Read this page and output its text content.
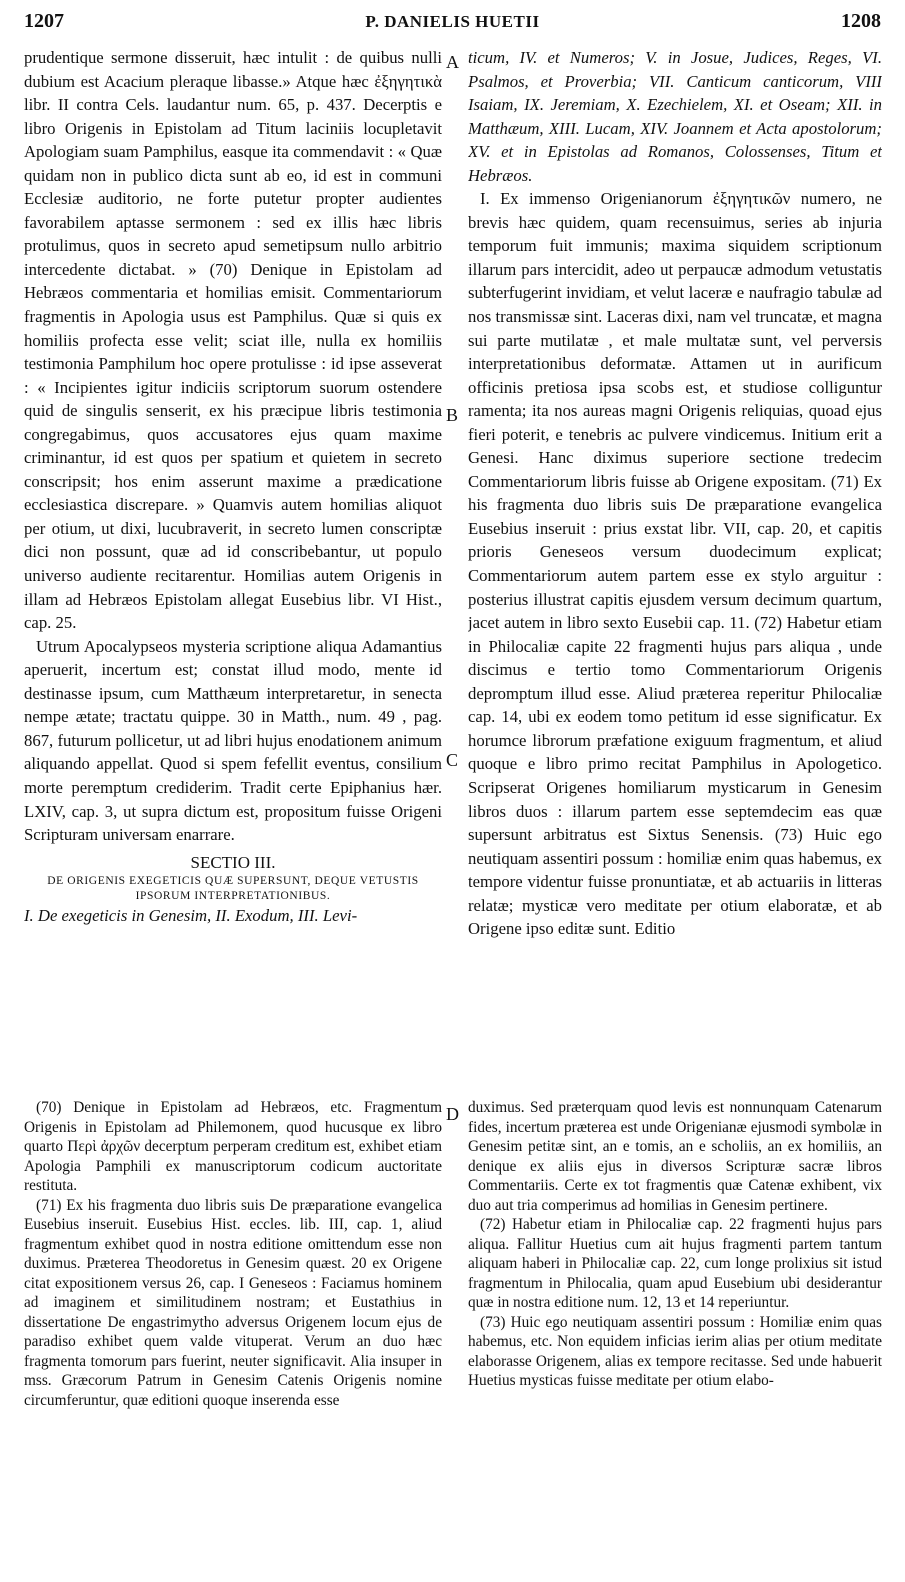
1207	P. DANIELIS HUETII	1208

prudentique sermone disseruit, hæc intulit : de quibus nulli dubium est Acacium pleraque libasse.» Atque hæc ἐξηγητικὰ libr. II contra Cels. laudantur num. 65, p. 437. Decerptis e libro Origenis in Epistolam ad Titum laciniis locupletavit Apologiam suam Pamphilus, easque ita commendavit : « Quæ quidam non in publico dicta sunt ab eo, id est in communi Ecclesiæ auditorio, ne forte putetur propter audientes favorabilem aptasse sermonem : sed ex illis hæc libris protulimus, quos in secreto apud semetipsum nullo arbitrio intercedente dictabat. » (70) Denique in Epistolam ad Hebræos commentaria et homilias emisit. Commentariorum fragmentis in Apologia usus est Pamphilus. Quæ si quis ex homiliis profecta esse velit; sciat ille, nulla ex homiliis testimonia Pamphilum hoc opere protulisse : id ipse asseverat : « Incipientes igitur indiciis scriptorum suorum ostendere quid de singulis senserit, ex his præcipue libris testimonia congregabimus, quos accusatores ejus quam maxime criminantur, id est quos per spatium et quietem in secreto conscripsit; hos enim asserunt maxime a prædicatione ecclesiastica discrepare. » Quamvis autem homilias aliquot per otium, ut dixi, lucubraverit, in secreto lumen conscriptæ dici non possunt, quæ ad id conscribebantur, ut populo universo audiente recitarentur. Homilias autem Origenis in illam ad Hebræos Epistolam allegat Eusebius libr. VI Hist., cap. 25.

Utrum Apocalypseos mysteria scriptione aliqua Adamantius aperuerit, incertum est; constat illud modo, mente id destinasse ipsum, cum Matthæum interpretaretur, in senecta nempe ætate; tractatu quippe. 30 in Matth., num. 49 , pag. 867, futurum pollicetur, ut ad libri hujus enodationem animum aliquando appellat. Quod si spem fefellit eventus, consilium morte peremptum crediderim. Tradit certe Epiphanius hær. LXIV, cap. 3, ut supra dictum est, propositum fuisse Origeni Scripturam universam enarrare.

SECTIO III.
DE ORIGENIS EXEGETICIS QUÆ SUPERSUNT, DEQUE VETUSTIS IPSORUM INTERPRETATIONIBUS.

I. De exegeticis in Genesim, II. Exodum, III. Levi-

ticum, IV. et Numeros; V. in Josue, Judices, Reges, VI. Psalmos, et Proverbia; VII. Canticum canticorum, VIII Isaiam, IX. Jeremiam, X. Ezechielem, XI. et Oseam; XII. in Matthæum, XIII. Lucam, XIV. Joannem et Acta apostolorum; XV. et in Epistolas ad Romanos, Colossenses, Titum et Hebræos.

I. Ex immenso Origenianorum ἐξηγητικῶν numero, ne brevis hæc quidem, quam recensuimus, series ab injuria temporum fuit immunis; maxima siquidem scriptionum illarum pars intercidit, adeo ut perpaucæ admodum vetustatis subterfugerint invidiam, et velut laceræ e naufragio tabulæ ad nos transmissæ sint. Laceras dixi, nam vel truncatæ, et magna sui parte mutilatæ , et male multatæ sunt, vel perversis interpretationibus deformatæ. Attamen ut in aurificum officinis pretiosa ipsa scobs est, et studiose colliguntur ramenta; ita nos aureas magni Origenis reliquias, quoad ejus fieri poterit, e tenebris ac pulvere vindicemus. Initium erit a Genesi. Hanc diximus superiore sectione tredecim Commentariorum libris fuisse ab Origene expositam. (71) Ex his fragmenta duo libris suis De præparatione evangelica Eusebius inseruit : prius exstat libr. VII, cap. 20, et capitis prioris Geneseos versum duodecimum explicat; Commentariorum autem partem esse ex stylo arguitur : posterius illustrat capitis ejusdem versum decimum quartum, jacet autem in libro sexto Eusebii cap. 11. (72) Habetur etiam in Philocaliæ capite 22 fragmenti hujus pars aliqua , unde discimus e tertio tomo Commentariorum Origenis depromptum illud esse. Aliud præterea reperitur Philocaliæ cap. 14, ubi ex eodem tomo petitum id esse significatur. Ex horumce librorum præfatione exiguum fragmentum, et aliud quoque e libro primo recitat Pamphilus in Apologetico. Scripserat Origenes homiliarum mysticarum in Genesim libros duos : illarum partem esse septemdecim eas quæ supersunt arbitratus est Sixtus Senensis. (73) Huic ego neutiquam assentiri possum : homiliæ enim quas habemus, ex tempore videntur fuisse pronuntiatæ, et ab actuariis in litteras relatæ; mysticæ vero meditate per otium elaboratæ, et ab Origene ipso editæ sunt. Editio

A
B
C
D

(70) Denique in Epistolam ad Hebræos, etc. Fragmentum Origenis in Epistolam ad Philemonem, quod hucusque ex libro quarto Περὶ ἀρχῶν decerptum perperam creditum est, exhibet etiam Apologia Pamphili ex manuscriptorum codicum auctoritate restituta.

(71) Ex his fragmenta duo libris suis De præparatione evangelica Eusebius inseruit. Eusebius Hist. eccles. lib. III, cap. 1, aliud fragmentum exhibet quod in nostra editione omittendum esse non duximus. Præterea Theodoretus in Genesim quæst. 20 ex Origene citat expositionem versus 26, cap. I Geneseos : Faciamus hominem ad imaginem et similitudinem nostram; et Eustathius in dissertatione De engastrimytho adversus Origenem locum ejus de paradiso exhibet quem valde vituperat. Verum an duo hæc fragmenta tomorum pars fuerint, neuter significavit. Alia insuper in mss. Græcorum Patrum in Genesim Catenis Origenis nomine circumferuntur, quæ editioni quoque inserenda esse

duximus. Sed præterquam quod levis est nonnunquam Catenarum fides, incertum præterea est unde Origenianæ ejusmodi symbolæ in Genesim petitæ sint, an e tomis, an e scholiis, an ex homiliis, an denique ex aliis ejus in diversos Scripturæ sacræ libros Commentariis. Certe ex tot fragmentis quæ Catenæ exhibent, vix duo aut tria comperimus ad homilias in Genesim pertinere.

(72) Habetur etiam in Philocaliæ cap. 22 fragmenti hujus pars aliqua. Fallitur Huetius cum ait hujus fragmenti partem tantum aliquam haberi in Philocaliæ cap. 22, cum longe prolixius sit istud fragmentum in Philocalia, quam apud Eusebium ubi desiderantur quæ in nostra editione num. 12, 13 et 14 reperiuntur.

(73) Huic ego neutiquam assentiri possum : Homiliæ enim quas habemus, etc. Non equidem inficias ierim alias per otium meditate elaborasse Origenem, alias ex tempore recitasse. Sed unde habuerit Huetius mysticas fuisse meditate per otium elabo-
